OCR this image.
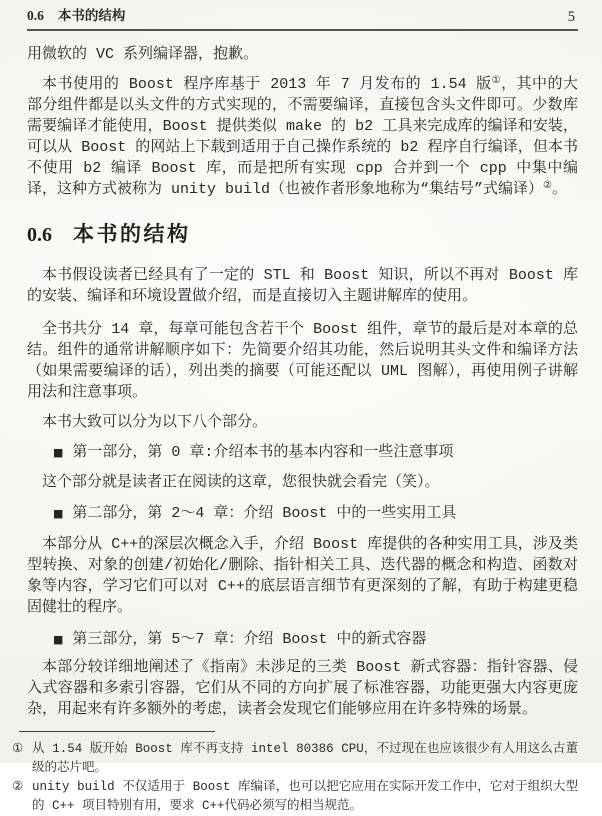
0.6 本书的结构	5

用微软的 VC 系列编译器，抱歉。

本书使用的 Boost 程序库基于 2013 年 7 月发布的 1.54 版①，其中的大部分组件都是以头文件的方式实现的，不需要编译，直接包含头文件即可。少数库需要编译才能使用，Boost 提供类似 make 的 b2 工具来完成库的编译和安装，可以从 Boost 的网站上下载到适用于自己操作系统的 b2 程序自行编译，但本书不使用 b2 编译 Boost 库，而是把所有实现 cpp 合并到一个 cpp 中集中编译，这种方式被称为 unity build（也被作者形象地称为“集结号”式编译）②。

0.6 本书的结构

本书假设读者已经具有了一定的 STL 和 Boost 知识，所以不再对 Boost 库的安装、编译和环境设置做介绍，而是直接切入主题讲解库的使用。

全书共分 14 章，每章可能包含若干个 Boost 组件，章节的最后是对本章的总结。组件的通常讲解顺序如下：先简要介绍其功能，然后说明其头文件和编译方法（如果需要编译的话），列出类的摘要（可能还配以 UML 图解），再使用例子讲解用法和注意事项。

本书大致可以分为以下八个部分。

■ 第一部分，第 0 章:介绍本书的基本内容和一些注意事项

这个部分就是读者正在阅读的这章，您很快就会看完（笑）。

■ 第二部分，第 2～4 章：介绍 Boost 中的一些实用工具

本部分从 C++的深层次概念入手，介绍 Boost 库提供的各种实用工具，涉及类型转换、对象的创建/初始化/删除、指针相关工具、迭代器的概念和构造、函数对象等内容，学习它们可以对 C++的底层语言细节有更深刻的了解，有助于构建更稳固健壮的程序。

■ 第三部分，第 5～7 章：介绍 Boost 中的新式容器

本部分较详细地阐述了《指南》未涉足的三类 Boost 新式容器：指针容器、侵入式容器和多索引容器，它们从不同的方向扩展了标准容器，功能更强大内容更庞杂，用起来有许多额外的考虑，读者会发现它们能够应用在许多特殊的场景。

① 从 1.54 版开始 Boost 库不再支持 intel 80386 CPU，不过现在也应该很少有人用这么古董级的芯片吧。
② unity build 不仅适用于 Boost 库编译，也可以把它应用在实际开发工作中，它对于组织大型的 C++ 项目特别有用，要求 C++代码必须写的相当规范。
